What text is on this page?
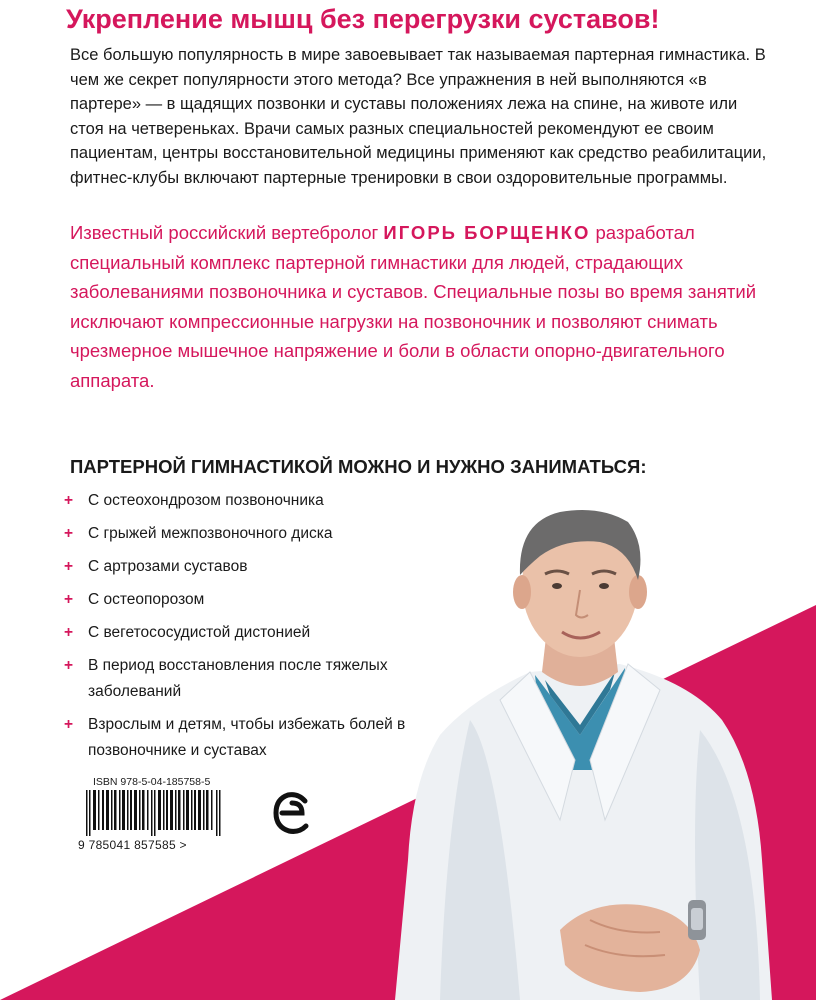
Укрепление мышц без перегрузки суставов!

Все большую популярность в мире завоевывает так называемая партерная гимнастика. В чем же секрет популярности этого метода? Все упражнения в ней выполняются «в партере» — в щадящих позвонки и суставы положениях лежа на спине, на животе или стоя на четвереньках. Врачи самых разных специальностей рекомендуют ее своим пациентам, центры восстановительной медицины применяют как средство реабилитации, фитнес-клубы включают партерные тренировки в свои оздоровительные программы.

Известный российский вертебролог ИГОРЬ БОРЩЕНКО разработал специальный комплекс партерной гимнастики для людей, страдающих заболеваниями позвоночника и суставов. Специальные позы во время занятий исключают компрессионные нагрузки на позвоночник и позволяют снимать чрезмерное мышечное напряжение и боли в области опорно-двигательного аппарата.

ПАРТЕРНОЙ ГИМНАСТИКОЙ МОЖНО И НУЖНО ЗАНИМАТЬСЯ:
+ С остеохондрозом позвоночника
+ С грыжей межпозвоночного диска
+ С артрозами суставов
+ С остеопорозом
+ С вегетососудистой дистонией
+ В период восстановления после тяжелых заболеваний
+ Взрослым и детям, чтобы избежать болей в позвоночнике и суставах
ISBN 978-5-04-185758-5
9 785041 857585 >
